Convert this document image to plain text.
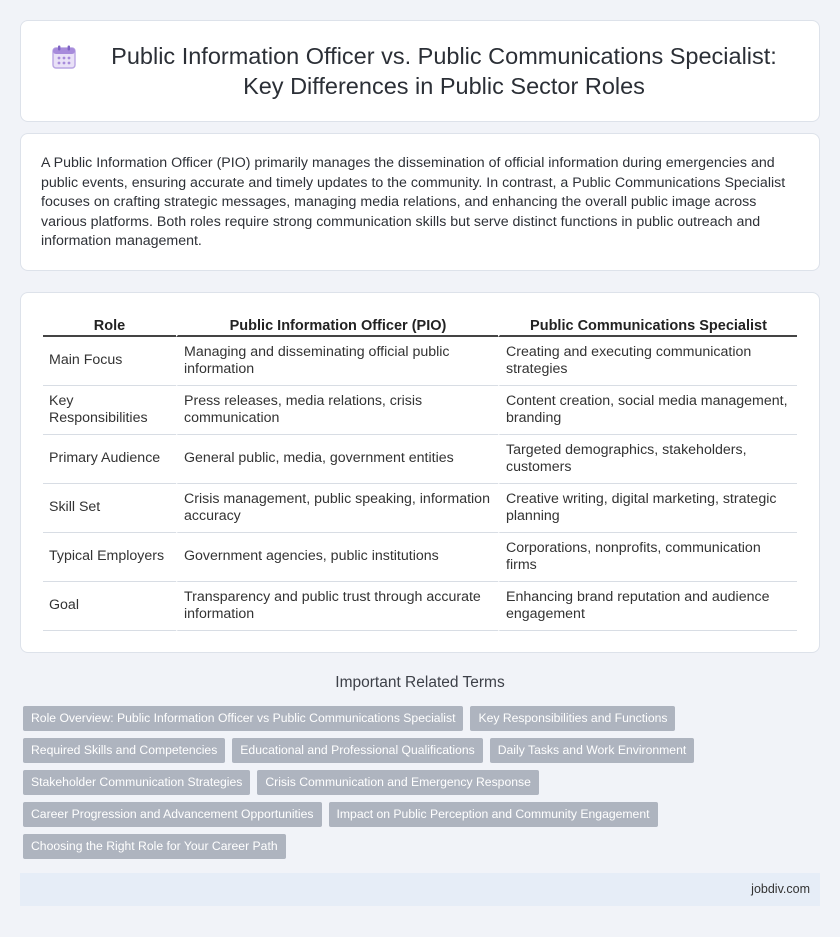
Public Information Officer vs. Public Communications Specialist: Key Differences in Public Sector Roles

A Public Information Officer (PIO) primarily manages the dissemination of official information during emergencies and public events, ensuring accurate and timely updates to the community. In contrast, a Public Communications Specialist focuses on crafting strategic messages, managing media relations, and enhancing the overall public image across various platforms. Both roles require strong communication skills but serve distinct functions in public outreach and information management.

Role	Public Information Officer (PIO)	Public Communications Specialist
Main Focus	Managing and disseminating official public information	Creating and executing communication strategies
Key Responsibilities	Press releases, media relations, crisis communication	Content creation, social media management, branding
Primary Audience	General public, media, government entities	Targeted demographics, stakeholders, customers
Skill Set	Crisis management, public speaking, information accuracy	Creative writing, digital marketing, strategic planning
Typical Employers	Government agencies, public institutions	Corporations, nonprofits, communication firms
Goal	Transparency and public trust through accurate information	Enhancing brand reputation and audience engagement
Important Related Terms
Role Overview: Public Information Officer vs Public Communications Specialist	Key Responsibilities and Functions
Required Skills and Competencies	Educational and Professional Qualifications	Daily Tasks and Work Environment
Stakeholder Communication Strategies	Crisis Communication and Emergency Response
Career Progression and Advancement Opportunities	Impact on Public Perception and Community Engagement
Choosing the Right Role for Your Career Path
jobdiv.com
